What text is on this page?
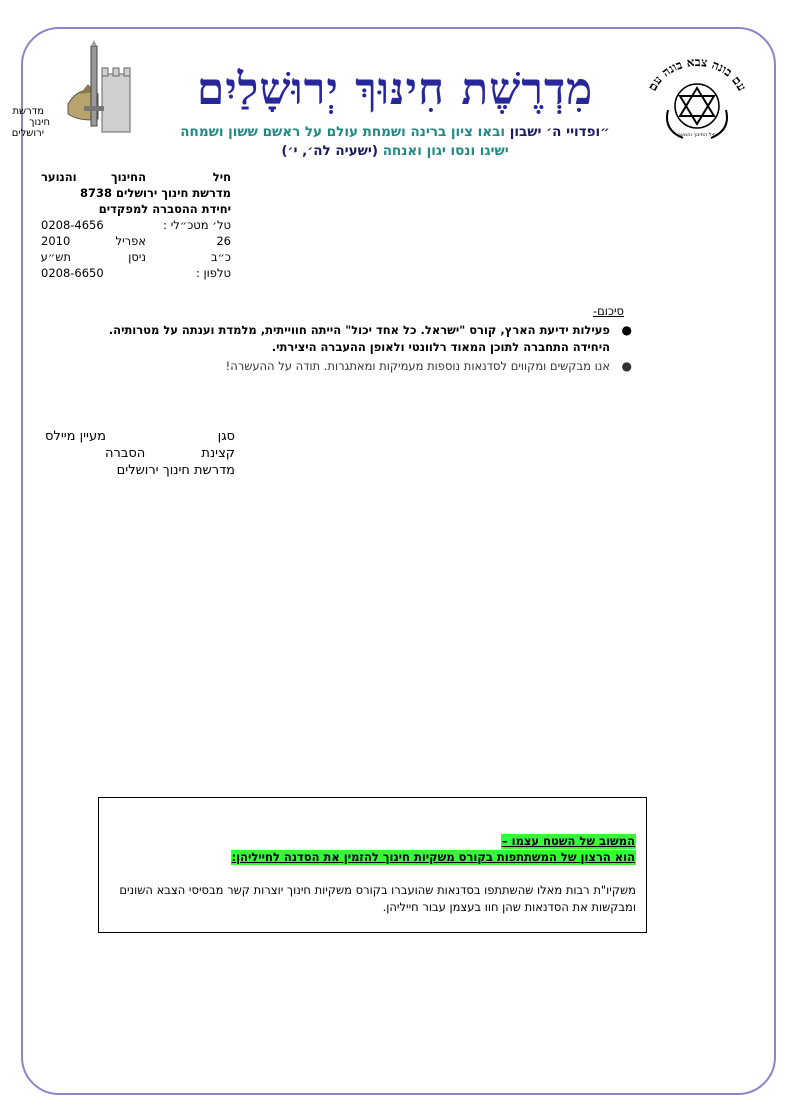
עם בונה צבא בונה עם
חיל החינוך והנוער
מדרשת
חינוך
ירושלים
מִדְרֶשֶׁת חִינּוּךְ יְרוּשָׁלַיִם
״ופדויי ה׳ ישבון ובאו ציון ברינה ושמחת עולם על ראשם ששון ושמחה
ישיגו ונסו יגון ואנחה (ישעיה לה׳, י׳)
חיל
החינוך
והנוער
מדרשת חינוך ירושלים 8738
יחידת ההסברה למפקדים
טל׳ מטכ״לי :
0208-4656
26
אפריל
2010
כ״ב
ניסן
תש״ע
טלפון :
0208-6650
סיכום-
●
פעילות ידיעת הארץ, קורס "ישראל. כל אחד יכול" הייתה חווייתית, מלמדת וענתה על מטרותיה. היחידה התחברה לתוכן המאוד רלוונטי ולאופן ההעברה היצירתי.
●
אנו מבקשים ומקווים לסדנאות נוספות מעמיקות ומאתגרות. תודה על ההעשרה!
סגן
מעיין מיילס
קצינת
הסברה
מדרשת חינוך ירושלים
המשוב של השטח עצמו –
הוא הרצון של המשתתפות בקורס משקיות חינוך להזמין את הסדנה לחייליהן:
משקיו"ת רבות מאלו שהשתתפו בסדנאות שהועברו בקורס משקיות חינוך יוצרות קשר מבסיסי הצבא השונים ומבקשות את הסדנאות שהן חוו בעצמן עבור חייליהן.
